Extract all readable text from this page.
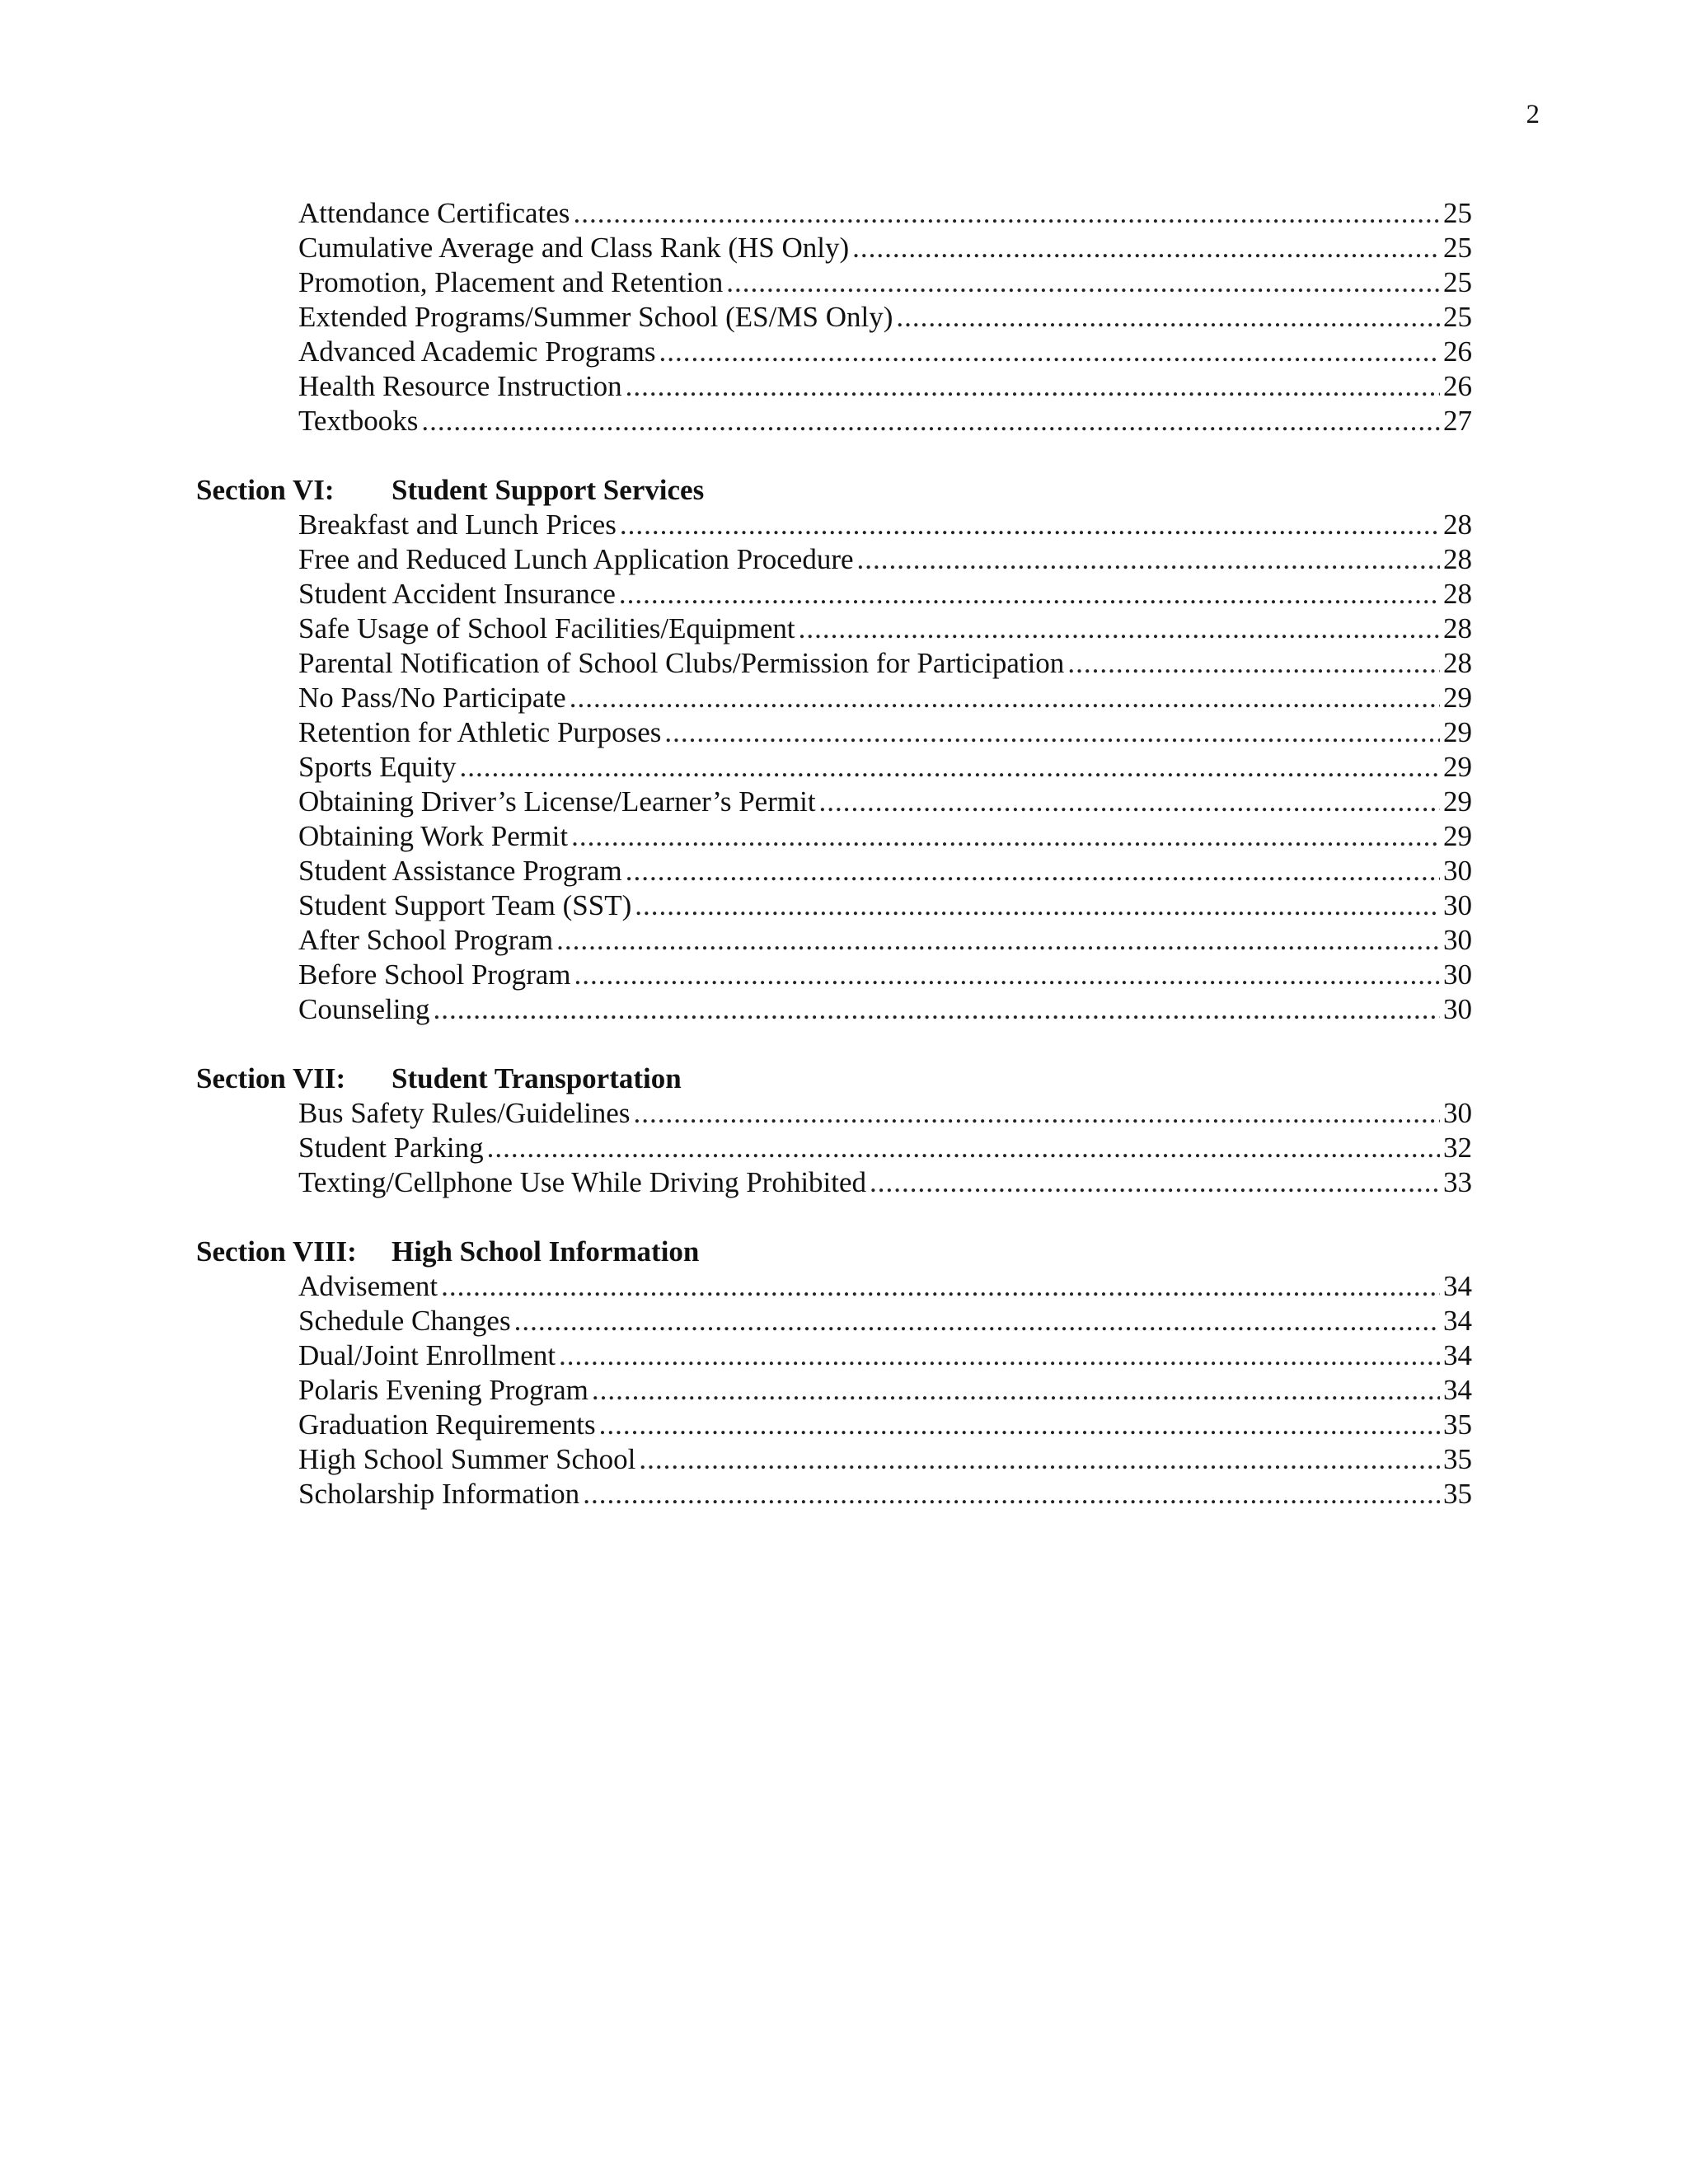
2
Attendance Certificates .....	25
Cumulative Average and Class Rank (HS Only) .....	25
Promotion, Placement and Retention .....	25
Extended Programs/Summer School (ES/MS Only) .....	25
Advanced Academic Programs .....	26
Health Resource Instruction .....	26
Textbooks .....	27
Section VI:	Student Support Services
Breakfast and Lunch Prices .....	28
Free and Reduced Lunch Application Procedure .....	28
Student Accident Insurance .....	28
Safe Usage of School Facilities/Equipment .....	28
Parental Notification of School Clubs/Permission for Participation .....	28
No Pass/No Participate .....	29
Retention for Athletic Purposes .....	29
Sports Equity .....	29
Obtaining Driver’s License/Learner’s Permit .....	29
Obtaining Work Permit .....	29
Student Assistance Program .....	30
Student Support Team (SST) .....	30
After School Program .....	30
Before School Program .....	30
Counseling .....	30
Section VII:	Student Transportation
Bus Safety Rules/Guidelines .....	30
Student Parking .....	32
Texting/Cellphone Use While Driving Prohibited .....	33
Section VIII:	High School Information
Advisement .....	34
Schedule Changes .....	34
Dual/Joint Enrollment .....	34
Polaris Evening Program .....	34
Graduation Requirements .....	35
High School Summer School .....	35
Scholarship Information .....	35
